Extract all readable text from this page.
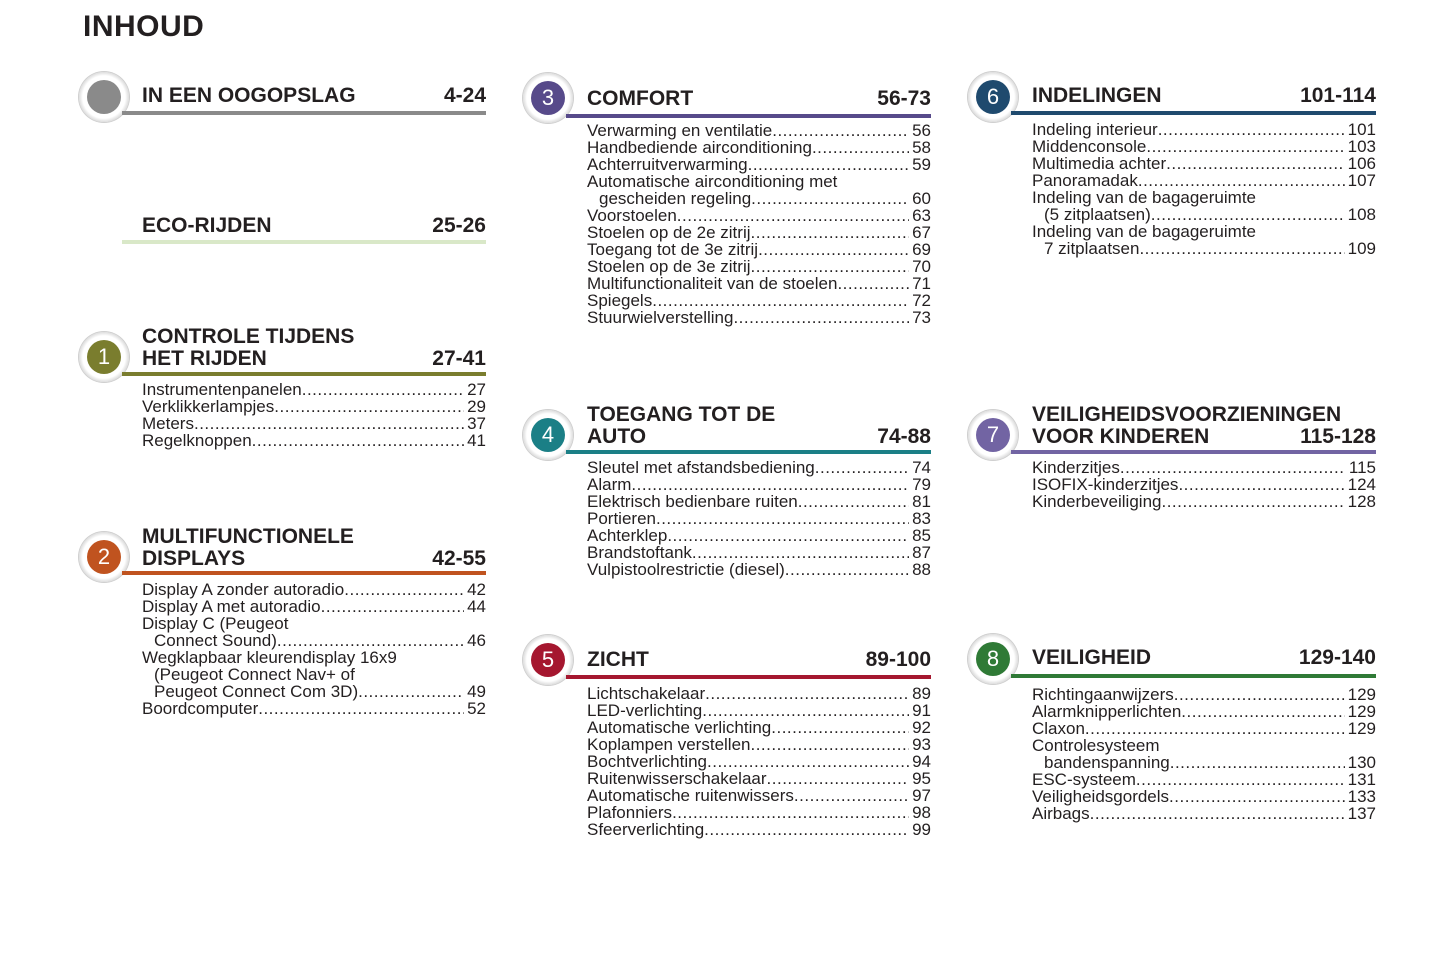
INHOUD
IN EEN OOGOPSLAG	4-24
ECO-RIJDEN	25-26
1
CONTROLE TIJDENS
HET RIJDEN	27-41
Instrumentenpanelen .....	27
Verklikkerlampjes .....	29
Meters .....	37
Regelknoppen .....	41
2
MULTIFUNCTIONELE
DISPLAYS	42-55
Display A zonder autoradio .....	42
Display A met autoradio .....	44
Display C (Peugeot
Connect Sound) .....	46
Wegklapbaar kleurendisplay 16x9
(Peugeot Connect Nav+ of
Peugeot Connect Com 3D) .....	49
Boordcomputer .....	52
3	COMFORT	56-73
Verwarming en ventilatie .....	56
Handbediende airconditioning .....	58
Achterruitverwarming .....	59
Automatische airconditioning met
gescheiden regeling .....	60
Voorstoelen .....	63
Stoelen op de 2e zitrij .....	67
Toegang tot de 3e zitrij .....	69
Stoelen op de 3e zitrij .....	70
Multifunctionaliteit van de stoelen .....	71
Spiegels .....	72
Stuurwielverstelling .....	73
4
TOEGANG TOT DE
AUTO	74-88
Sleutel met afstandsbediening .....	74
Alarm .....	79
Elektrisch bedienbare ruiten .....	81
Portieren .....	83
Achterklep .....	85
Brandstoftank .....	87
Vulpistoolrestrictie (diesel) .....	88
5	ZICHT	89-100
Lichtschakelaar .....	89
LED-verlichting .....	91
Automatische verlichting .....	92
Koplampen verstellen .....	93
Bochtverlichting .....	94
Ruitenwisserschakelaar .....	95
Automatische ruitenwissers .....	97
Plafonniers .....	98
Sfeerverlichting .....	99
6	INDELINGEN	101-114
Indeling interieur .....	101
Middenconsole .....	103
Multimedia achter .....	106
Panoramadak .....	107
Indeling van de bagageruimte
(5 zitplaatsen) .....	108
Indeling van de bagageruimte
7 zitplaatsen .....	109
7
VEILIGHEIDSVOORZIENINGEN
VOOR KINDEREN	115-128
Kinderzitjes .....	115
ISOFIX-kinderzitjes .....	124
Kinderbeveiliging .....	128
8	VEILIGHEID	129-140
Richtingaanwijzers .....	129
Alarmknipperlichten .....	129
Claxon .....	129
Controlesysteem
bandenspanning .....	130
ESC-systeem .....	131
Veiligheidsgordels .....	133
Airbags .....	137
